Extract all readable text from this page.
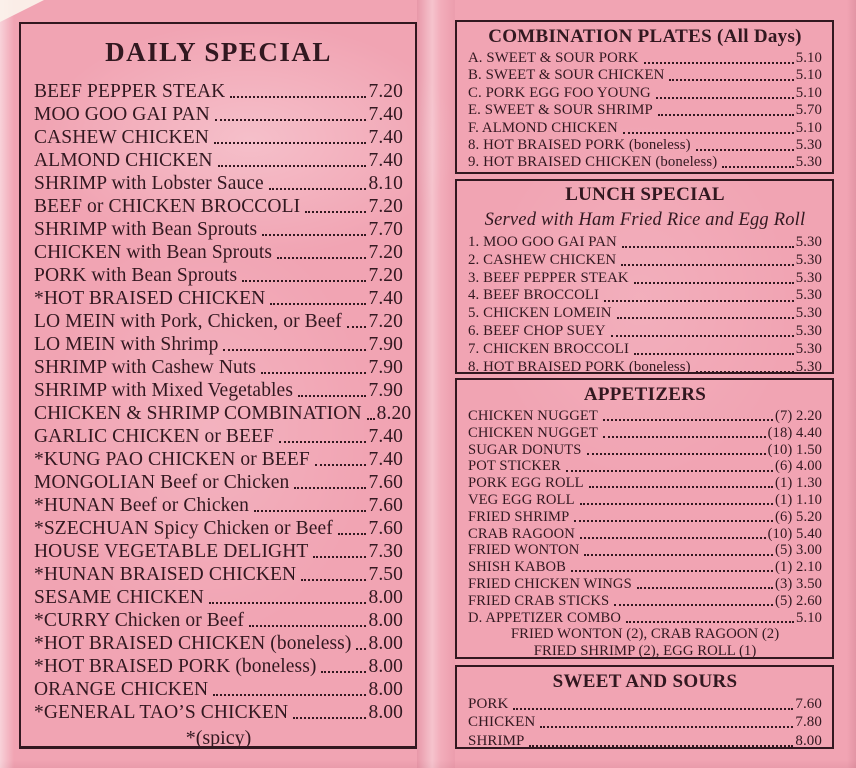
DAILY SPECIAL
BEEF PEPPER STEAK	7.20
MOO GOO GAI PAN	7.40
CASHEW CHICKEN	7.40
ALMOND CHICKEN	7.40
SHRIMP with Lobster Sauce	8.10
BEEF or CHICKEN BROCCOLI	7.20
SHRIMP with Bean Sprouts	7.70
CHICKEN with Bean Sprouts	7.20
PORK with Bean Sprouts	7.20
*HOT BRAISED CHICKEN	7.40
LO MEIN with Pork, Chicken, or Beef 7.20
LO MEIN with Shrimp	7.90
SHRIMP with Cashew Nuts	7.90
SHRIMP with Mixed Vegetables	7.90
CHICKEN & SHRIMP COMBINATION 8.20
GARLIC CHICKEN or BEEF	7.40
*KUNG PAO CHICKEN or BEEF	7.40
MONGOLIAN Beef or Chicken	7.60
*HUNAN Beef or Chicken	7.60
*SZECHUAN Spicy Chicken or Beef 7.60
HOUSE VEGETABLE DELIGHT	7.30
*HUNAN BRAISED CHICKEN	7.50
SESAME CHICKEN	8.00
*CURRY Chicken or Beef	8.00
*HOT BRAISED CHICKEN (boneless) 8.00
*HOT BRAISED PORK (boneless)	8.00
ORANGE CHICKEN	8.00
*GENERAL TAO’S CHICKEN	8.00
*(spicy)
COMBINATION PLATES (All Days)
A. SWEET & SOUR PORK	5.10
B. SWEET & SOUR CHICKEN	5.10
C. PORK EGG FOO YOUNG	5.10
E. SWEET & SOUR SHRIMP	5.70
F. ALMOND CHICKEN	5.10
8. HOT BRAISED PORK (boneless)	5.30
9. HOT BRAISED CHICKEN (boneless)	5.30
LUNCH SPECIAL
Served with Ham Fried Rice and Egg Roll
1. MOO GOO GAI PAN	5.30
2. CASHEW CHICKEN	5.30
3. BEEF PEPPER STEAK	5.30
4. BEEF BROCCOLI	5.30
5. CHICKEN LOMEIN	5.30
6. BEEF CHOP SUEY	5.30
7. CHICKEN BROCCOLI	5.30
8. HOT BRAISED PORK (boneless)	5.30
APPETIZERS
CHICKEN NUGGET	(7) 2.20
CHICKEN NUGGET	(18) 4.40
SUGAR DONUTS	(10) 1.50
POT STICKER	(6) 4.00
PORK EGG ROLL	(1) 1.30
VEG EGG ROLL	(1) 1.10
FRIED SHRIMP	(6) 5.20
CRAB RAGOON	(10) 5.40
FRIED WONTON	(5) 3.00
SHISH KABOB	(1) 2.10
FRIED CHICKEN WINGS	(3) 3.50
FRIED CRAB STICKS	(5) 2.60
D. APPETIZER COMBO	5.10
FRIED WONTON (2), CRAB RAGOON (2)
FRIED SHRIMP (2), EGG ROLL (1)
SWEET AND SOURS
PORK	7.60
CHICKEN	7.80
SHRIMP	8.00
